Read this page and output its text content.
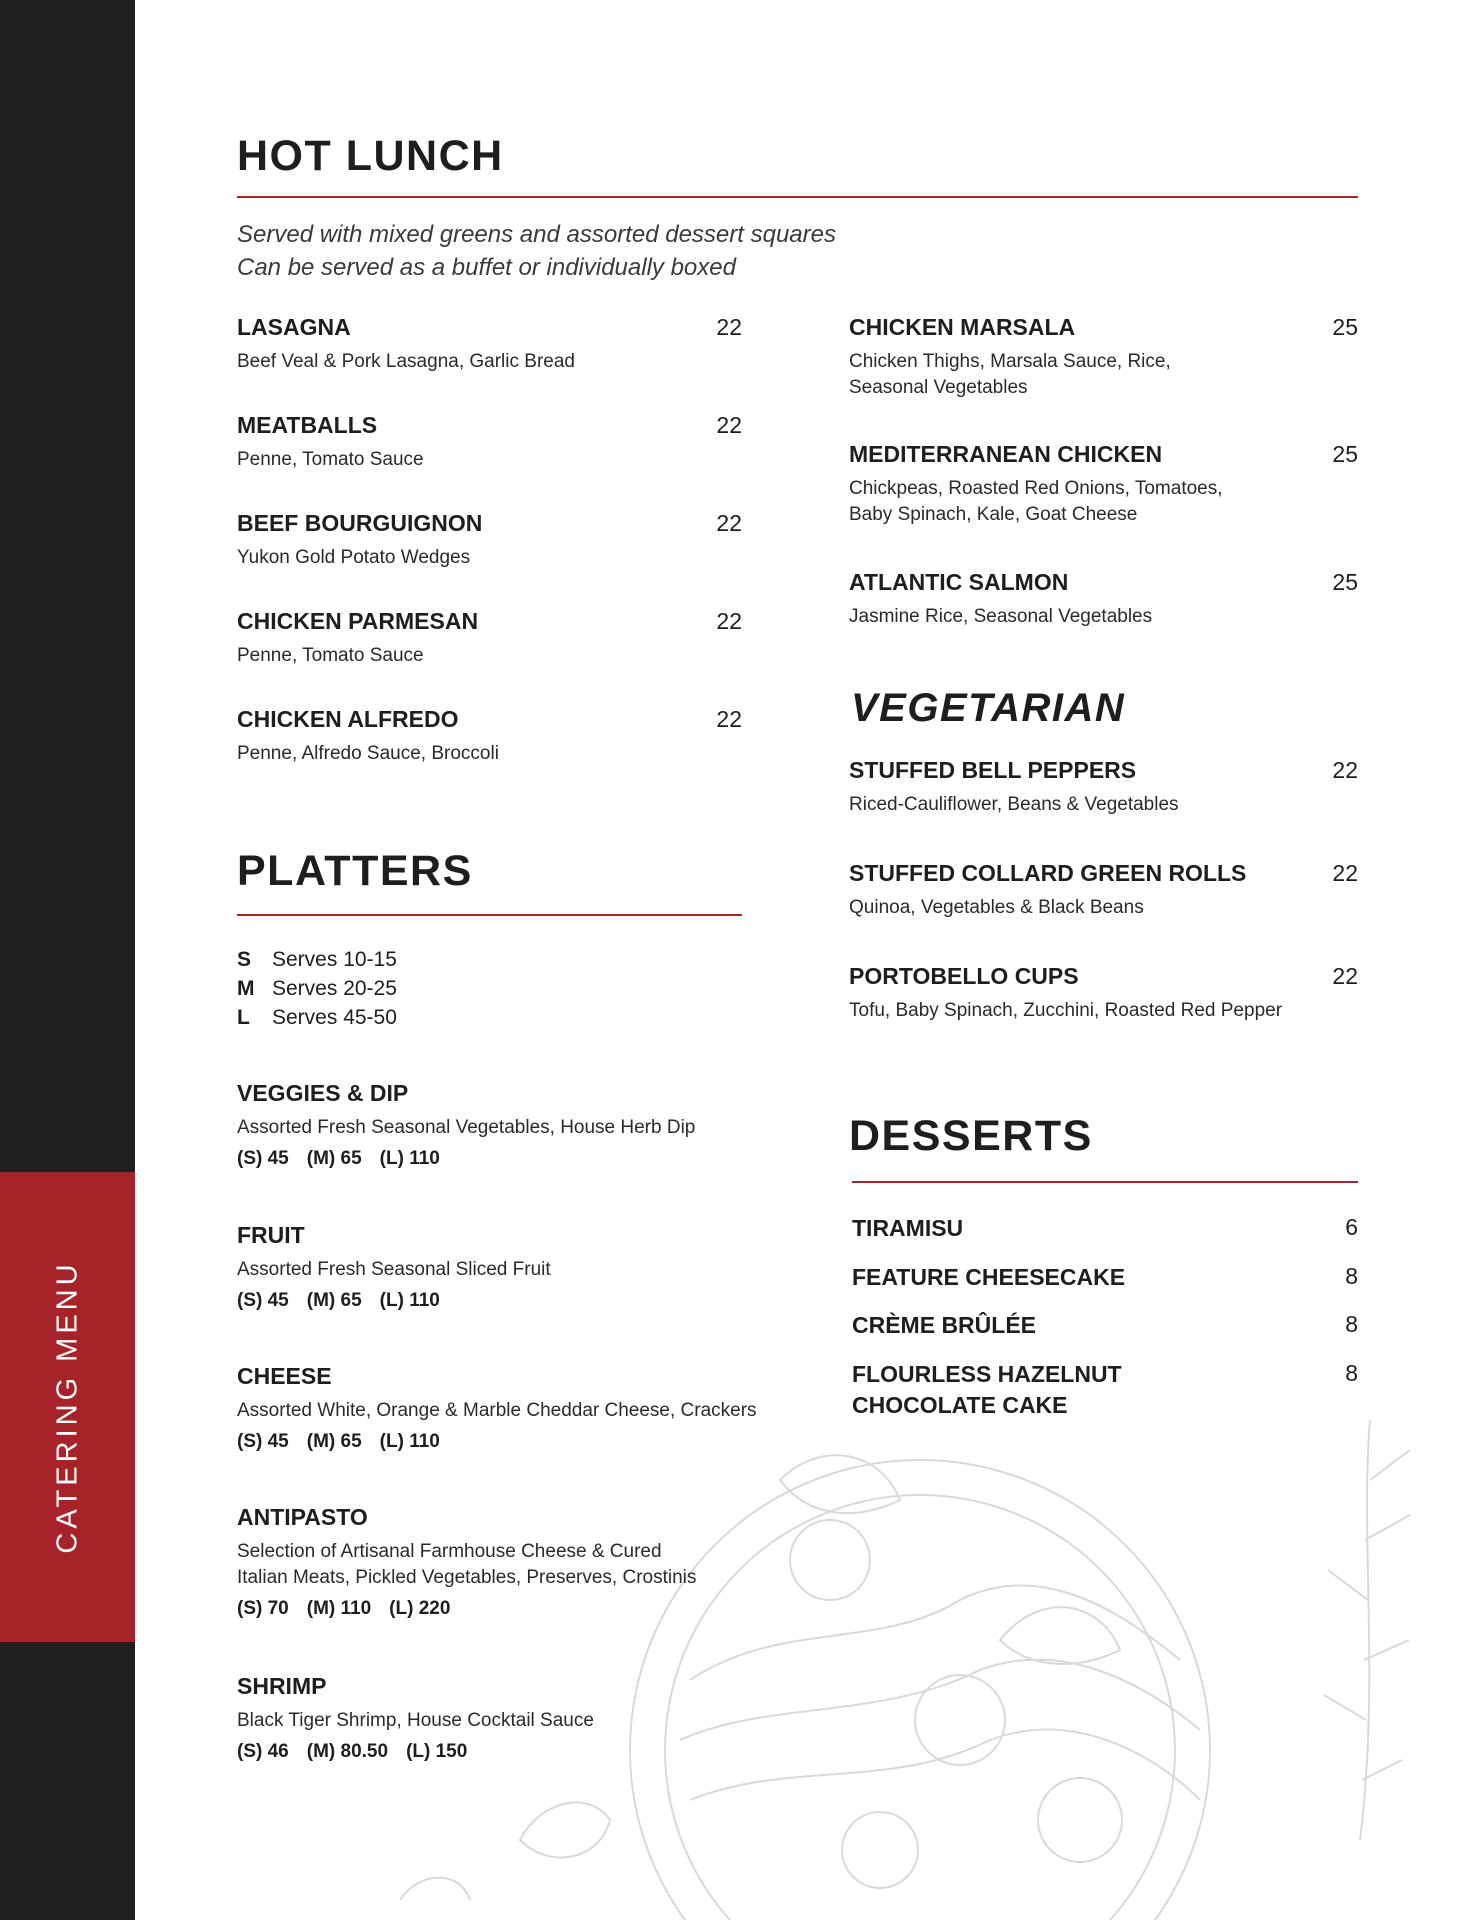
CATERING MENU
HOT LUNCH
Served with mixed greens and assorted dessert squares
Can be served as a buffet or individually boxed
LASAGNA	22
Beef Veal & Pork Lasagna, Garlic Bread
MEATBALLS	22
Penne, Tomato Sauce
BEEF BOURGUIGNON	22
Yukon Gold Potato Wedges
CHICKEN PARMESAN	22
Penne, Tomato Sauce
CHICKEN ALFREDO	22
Penne, Alfredo Sauce, Broccoli
CHICKEN MARSALA	25
Chicken Thighs, Marsala Sauce, Rice,
Seasonal Vegetables
MEDITERRANEAN CHICKEN	25
Chickpeas, Roasted Red Onions, Tomatoes,
Baby Spinach, Kale, Goat Cheese
ATLANTIC SALMON	25
Jasmine Rice, Seasonal Vegetables
VEGETARIAN
STUFFED BELL PEPPERS	22
Riced-Cauliflower, Beans & Vegetables
STUFFED COLLARD GREEN ROLLS	22
Quinoa, Vegetables & Black Beans
PORTOBELLO CUPS	22
Tofu, Baby Spinach, Zucchini, Roasted Red Pepper
PLATTERS
S Serves 10-15
M Serves 20-25
L	Serves 45-50
VEGGIES & DIP
Assorted Fresh Seasonal Vegetables, House Herb Dip
(S) 45 (M) 65 (L) 110
FRUIT
Assorted Fresh Seasonal Sliced Fruit
(S) 45 (M) 65 (L) 110
CHEESE
Assorted White, Orange & Marble Cheddar Cheese, Crackers
(S) 45 (M) 65 (L) 110
ANTIPASTO
Selection of Artisanal Farmhouse Cheese & Cured
Italian Meats, Pickled Vegetables, Preserves, Crostinis
(S) 70 (M) 110 (L) 220
SHRIMP
Black Tiger Shrimp, House Cocktail Sauce
(S) 46 (M) 80.50 (L) 150
DESSERTS
TIRAMISU	6
FEATURE CHEESECAKE	8
CRÈME BRÛLÉE	8
FLOURLESS HAZELNUT
CHOCOLATE CAKE
8
